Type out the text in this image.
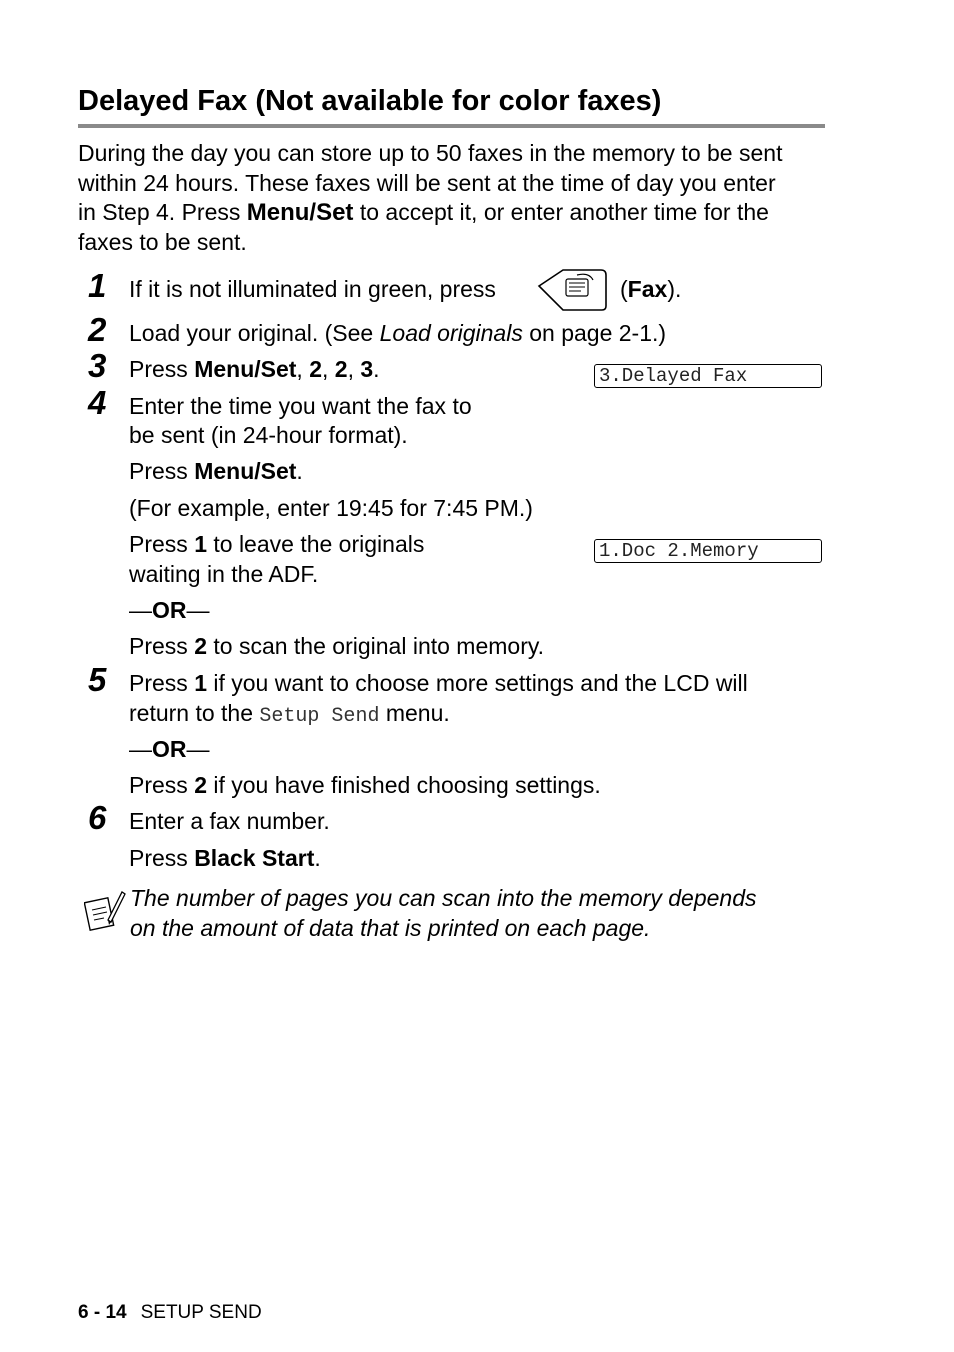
Delayed Fax (Not available for color faxes)
During the day you can store up to 50 faxes in the memory to be sent
within 24 hours. These faxes will be sent at the time of day you enter
in Step 4. Press Menu/Set to accept it, or enter another time for the
faxes to be sent.
1 If it is not illuminated in green, press	(Fax).
2 Load your original. (See Load originals on page 2-1.)
3 Press Menu/Set, 2, 2, 3.	3.Delayed Fax
4 Enter the time you want the fax to
be sent (in 24-hour format).
Press Menu/Set.
(For example, enter 19:45 for 7:45 PM.)
Press 1 to leave the originals
waiting in the ADF.
1.Doc 2.Memory
—OR—
Press 2 to scan the original into memory.
5 Press 1 if you want to choose more settings and the LCD will
return to the Setup Send menu.
—OR—
Press 2 if you have finished choosing settings.
6 Enter a fax number.
Press Black Start.
The number of pages you can scan into the memory depends
on the amount of data that is printed on each page.
6 - 14 SETUP SEND
